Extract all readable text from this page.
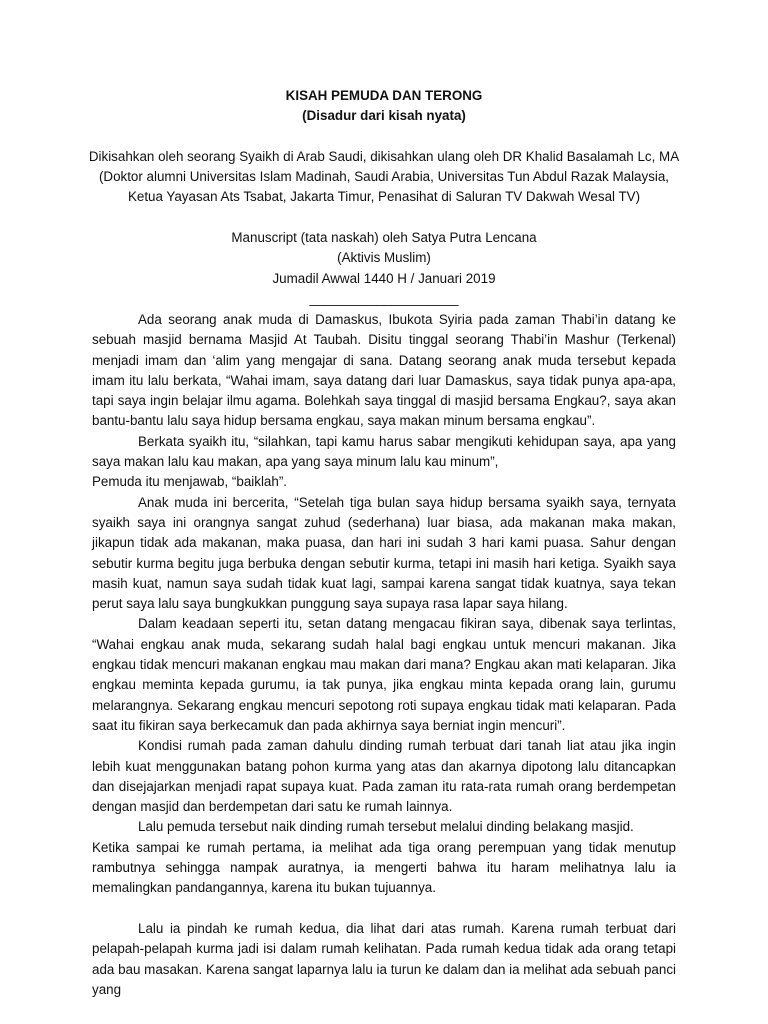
KISAH PEMUDA DAN TERONG
(Disadur dari kisah nyata)
Dikisahkan oleh seorang Syaikh di Arab Saudi, dikisahkan ulang oleh DR Khalid Basalamah Lc, MA
(Doktor alumni Universitas Islam Madinah, Saudi Arabia, Universitas Tun Abdul Razak Malaysia,
Ketua Yayasan Ats Tsabat, Jakarta Timur, Penasihat di Saluran TV Dakwah Wesal TV)
Manuscript (tata naskah) oleh Satya Putra Lencana
(Aktivis Muslim)
Jumadil Awwal 1440 H / Januari 2019
____________________

Ada seorang anak muda di Damaskus, Ibukota Syiria pada zaman Thabi’in datang ke sebuah masjid bernama Masjid At Taubah. Disitu tinggal seorang Thabi’in Mashur (Terkenal) menjadi imam dan ‘alim yang mengajar di sana. Datang seorang anak muda tersebut kepada imam itu lalu berkata, “Wahai imam, saya datang dari luar Damaskus, saya tidak punya apa-apa, tapi saya ingin belajar ilmu agama. Bolehkah saya tinggal di masjid bersama Engkau?, saya akan bantu-bantu lalu saya hidup bersama engkau, saya makan minum bersama engkau”.

Berkata syaikh itu, “silahkan, tapi kamu harus sabar mengikuti kehidupan saya, apa yang saya makan lalu kau makan, apa yang saya minum lalu kau minum”,

Pemuda itu menjawab, “baiklah”.

Anak muda ini bercerita, “Setelah tiga bulan saya hidup bersama syaikh saya, ternyata syaikh saya ini orangnya sangat zuhud (sederhana) luar biasa, ada makanan maka makan, jikapun tidak ada makanan, maka puasa, dan hari ini sudah 3 hari kami puasa. Sahur dengan sebutir kurma begitu juga berbuka dengan sebutir kurma, tetapi ini masih hari ketiga. Syaikh saya masih kuat, namun saya sudah tidak kuat lagi, sampai karena sangat tidak kuatnya, saya tekan perut saya lalu saya bungkukkan punggung saya supaya rasa lapar saya hilang.

Dalam keadaan seperti itu, setan datang mengacau fikiran saya, dibenak saya terlintas, “Wahai engkau anak muda, sekarang sudah halal bagi engkau untuk mencuri makanan. Jika engkau tidak mencuri makanan engkau mau makan dari mana? Engkau akan mati kelaparan. Jika engkau meminta kepada gurumu, ia tak punya, jika engkau minta kepada orang lain, gurumu melarangnya. Sekarang engkau mencuri sepotong roti supaya engkau tidak mati kelaparan. Pada saat itu fikiran saya berkecamuk dan pada akhirnya saya berniat ingin mencuri”.

Kondisi rumah pada zaman dahulu dinding rumah terbuat dari tanah liat atau jika ingin lebih kuat menggunakan batang pohon kurma yang atas dan akarnya dipotong lalu ditancapkan dan disejajarkan menjadi rapat supaya kuat. Pada zaman itu rata-rata rumah orang berdempetan dengan masjid dan berdempetan dari satu ke rumah lainnya.

Lalu pemuda tersebut naik dinding rumah tersebut melalui dinding belakang masjid.

Ketika sampai ke rumah pertama, ia melihat ada tiga orang perempuan yang tidak menutup rambutnya sehingga nampak auratnya, ia mengerti bahwa itu haram melihatnya lalu ia memalingkan pandangannya, karena itu bukan tujuannya.

Lalu ia pindah ke rumah kedua, dia lihat dari atas rumah. Karena rumah terbuat dari pelapah-pelapah kurma jadi isi dalam rumah kelihatan. Pada rumah kedua tidak ada orang tetapi ada bau masakan. Karena sangat laparnya lalu ia turun ke dalam dan ia melihat ada sebuah panci yang
